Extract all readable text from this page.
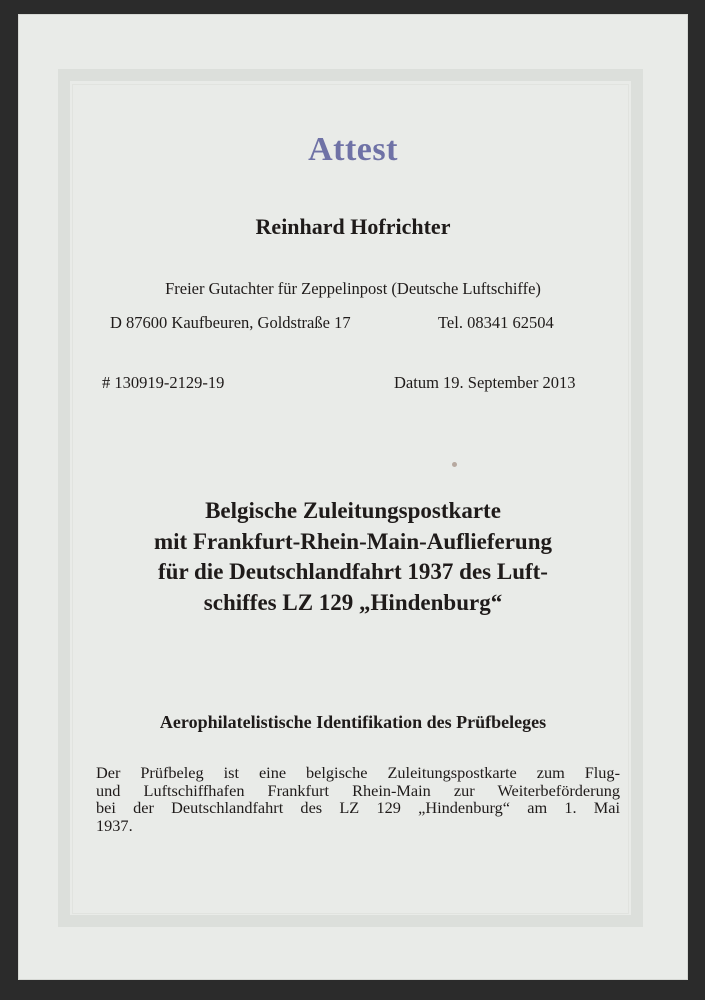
Attest
Reinhard Hofrichter
Freier Gutachter für Zeppelinpost (Deutsche Luftschiffe)
D 87600 Kaufbeuren, Goldstraße 17	Tel. 08341 62504
# 130919-2129-19	Datum 19. September 2013
Belgische Zuleitungspostkarte
mit Frankfurt-Rhein-Main-Auflieferung
für die Deutschlandfahrt 1937 des Luft-
schiffes LZ 129 „Hindenburg“
Aerophilatelistische Identifikation des Prüfbeleges
Der Prüfbeleg ist eine belgische Zuleitungspostkarte zum Flug-
und Luftschiffhafen Frankfurt Rhein-Main zur Weiterbeförderung
bei der Deutschlandfahrt des LZ 129 „Hindenburg“ am 1. Mai
1937.
